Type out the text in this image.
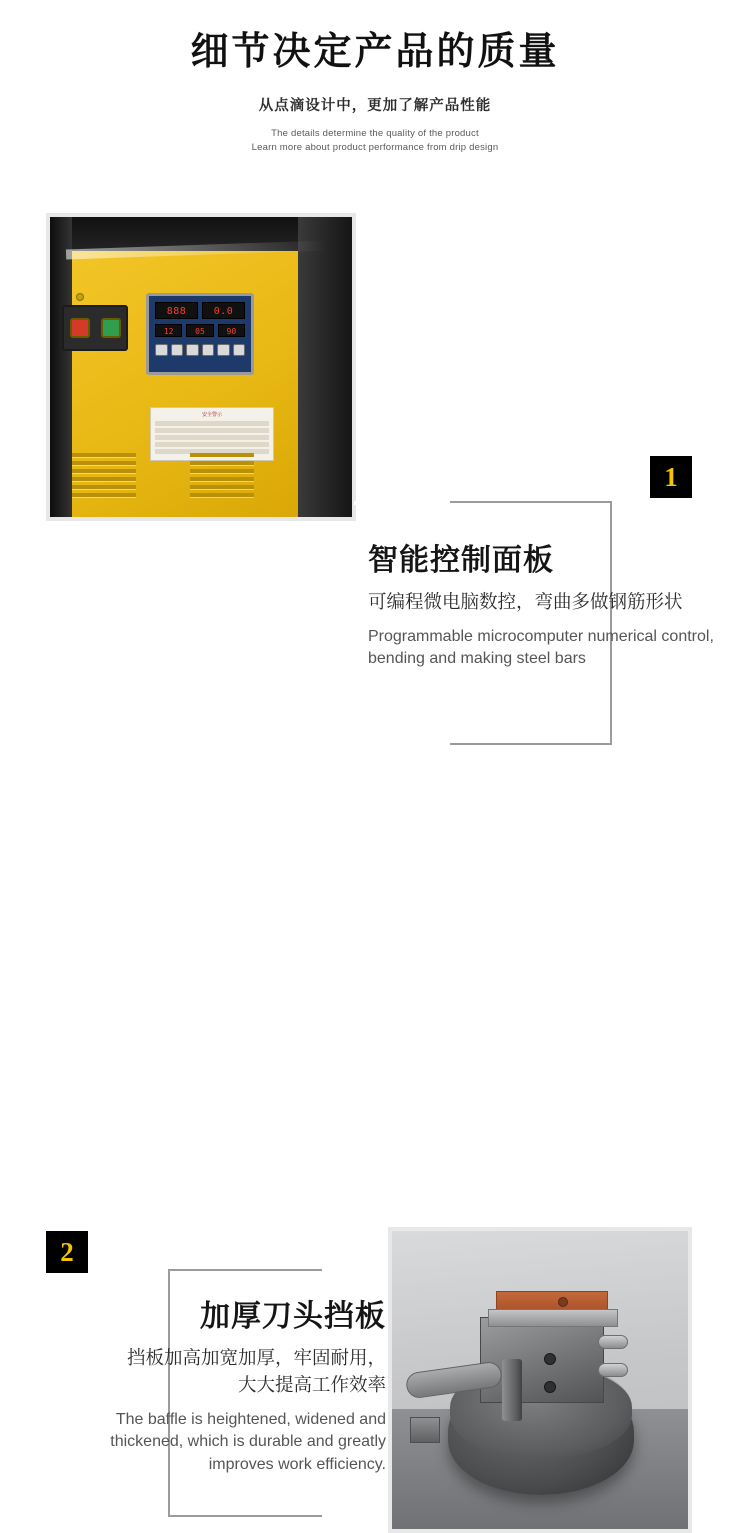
细节决定产品的质量
从点滴设计中，更加了解产品性能
The details determine the quality of the product
Learn more about product performance from drip design
888	0.0
12	05	90
安全警示
1
智能控制面板
可编程微电脑数控，弯曲多做钢筋形状
Programmable microcomputer numerical control, bending and making steel bars
2
加厚刀头挡板
挡板加高加宽加厚，牢固耐用，
大大提高工作效率
The baffle is heightened, widened and
thickened, which is durable and greatly
improves work efficiency.
